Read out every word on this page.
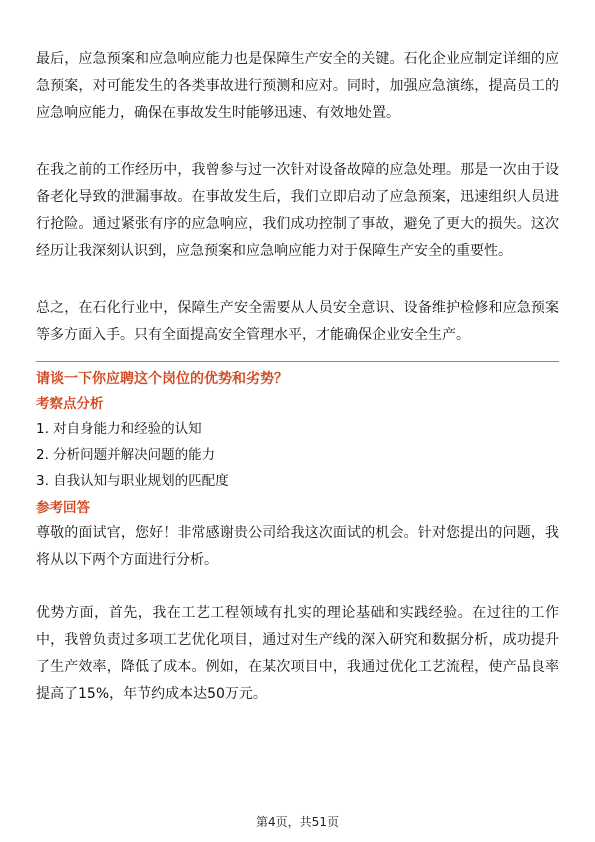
最后，应急预案和应急响应能力也是保障生产安全的关键。石化企业应制定详细的应急预案，对可能发生的各类事故进行预测和应对。同时，加强应急演练，提高员工的应急响应能力，确保在事故发生时能够迅速、有效地处置。

在我之前的工作经历中，我曾参与过一次针对设备故障的应急处理。那是一次由于设备老化导致的泄漏事故。在事故发生后，我们立即启动了应急预案，迅速组织人员进行抢险。通过紧张有序的应急响应，我们成功控制了事故，避免了更大的损失。这次经历让我深刻认识到，应急预案和应急响应能力对于保障生产安全的重要性。

总之，在石化行业中，保障生产安全需要从人员安全意识、设备维护检修和应急预案等多方面入手。只有全面提高安全管理水平，才能确保企业安全生产。

请谈一下你应聘这个岗位的优势和劣势？

考察点分析

1. 对自身能力和经验的认知
2. 分析问题并解决问题的能力
3. 自我认知与职业规划的匹配度

参考回答

尊敬的面试官，您好！非常感谢贵公司给我这次面试的机会。针对您提出的问题，我将从以下两个方面进行分析。

优势方面，首先，我在工艺工程领域有扎实的理论基础和实践经验。在过往的工作中，我曾负责过多项工艺优化项目，通过对生产线的深入研究和数据分析，成功提升了生产效率，降低了成本。例如，在某次项目中，我通过优化工艺流程，使产品良率提高了15%，年节约成本达50万元。

第4页，共51页
